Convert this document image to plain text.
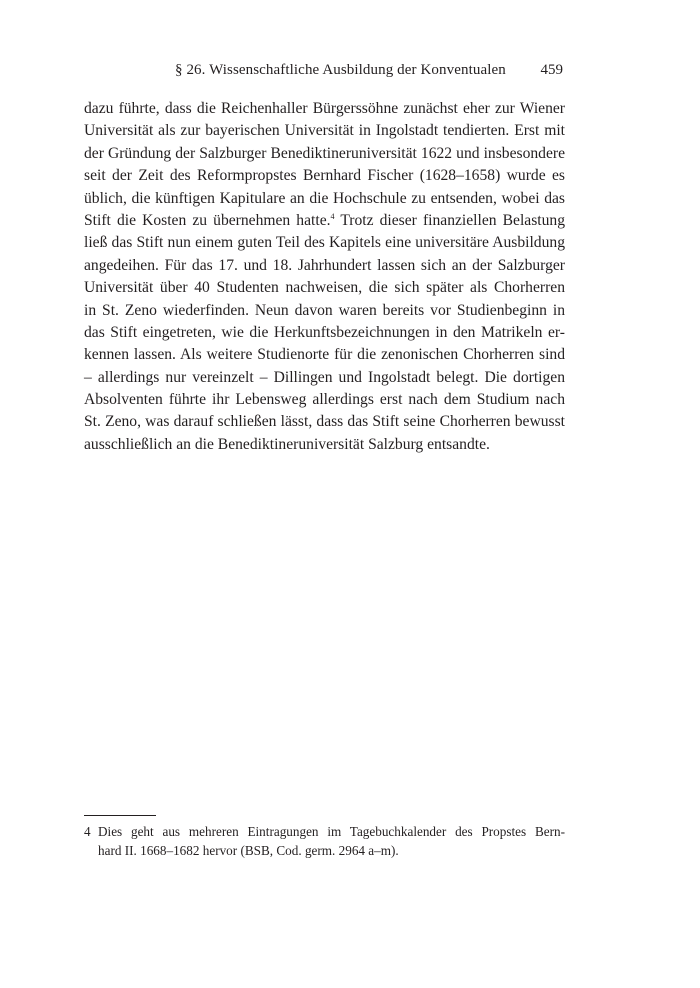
§ 26. Wissenschaftliche Ausbildung der Konventualen 459
dazu führte, dass die Reichenhaller Bürgerssöhne zunächst eher zur Wiener
Universität als zur bayerischen Universität in Ingolstadt tendierten. Erst mit
der Gründung der Salzburger Benediktineruniversität 1622 und insbesondere
seit der Zeit des Reformpropstes Bernhard Fischer (1628–1658) wurde es
üblich, die künftigen Kapitulare an die Hochschule zu entsenden, wobei das
Stift die Kosten zu übernehmen hatte.$^4$ Trotz dieser finanziellen Belastung
ließ das Stift nun einem guten Teil des Kapitels eine universitäre Ausbildung
angedeihen. Für das 17. und 18. Jahrhundert lassen sich an der Salzburger
Universität über 40 Studenten nachweisen, die sich später als Chorherren
in St. Zeno wiederfinden. Neun davon waren bereits vor Studienbeginn in
das Stift eingetreten, wie die Herkunftsbezeichnungen in den Matrikeln er-
kennen lassen. Als weitere Studienorte für die zenonischen Chorherren sind
– allerdings nur vereinzelt – Dillingen und Ingolstadt belegt. Die dortigen
Absolventen führte ihr Lebensweg allerdings erst nach dem Studium nach
St. Zeno, was darauf schließen lässt, dass das Stift seine Chorherren bewusst
ausschließlich an die Benediktineruniversität Salzburg entsandte.
4 Dies geht aus mehreren Eintragungen im Tagebuchkalender des Propstes Bern-
hard II. 1668–1682 hervor (BSB, Cod. germ. 2964 a–m).
